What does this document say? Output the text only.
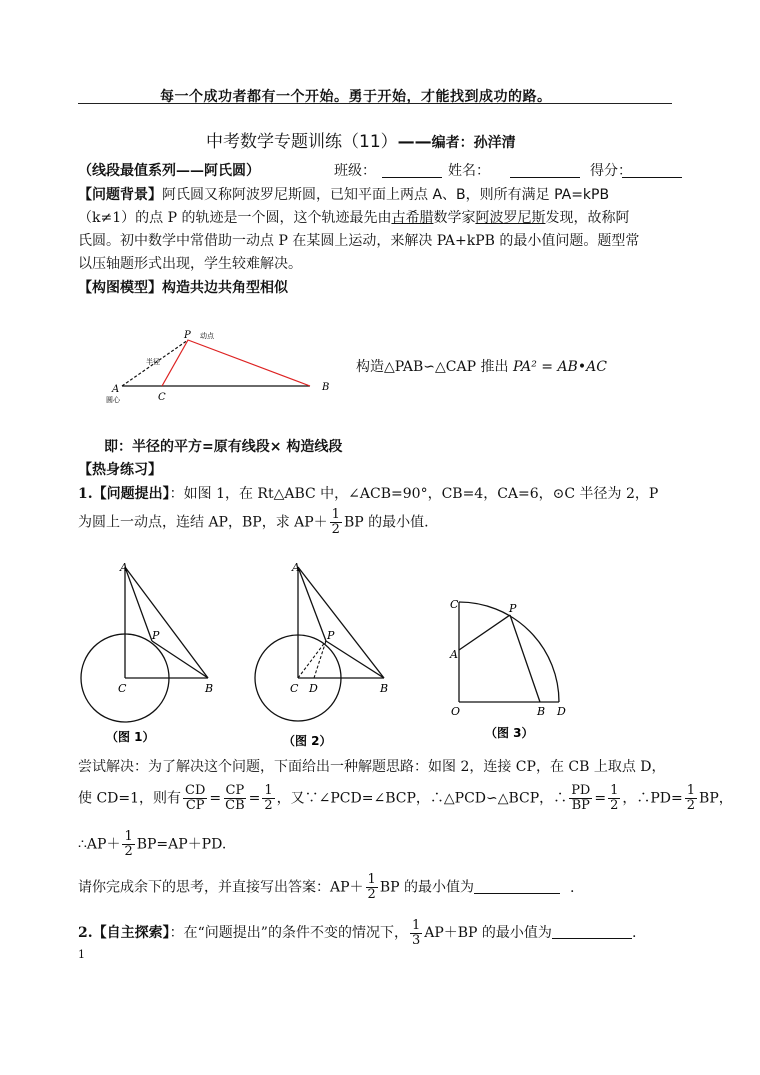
每一个成功者都有一个开始。勇于开始，才能找到成功的路。
中考数学专题训练（11）——编者：孙洋清
（线段最值系列——阿氏圆）	班级：	姓名：	得分：
【问题背景】阿氏圆又称阿波罗尼斯圆，已知平面上两点 A、B，则所有满足 PA=kPB
（k≠1）的点 P 的轨迹是一个圆，这个轨迹最先由古希腊数学家阿波罗尼斯发现，故称阿
氏圆。初中数学中常借助一动点 P 在某圆上运动，来解决 PA+kPB 的最小值问题。题型常
以压轴题形式出现，学生较难解决。
【构图模型】构造共边共角型相似
P 动点
半径
A
圆心	C
B
构造△PAB∽△CAP 推出 PA² = AB•AC
即：半径的平方=原有线段× 构造线段
【热身练习】
1.【问题提出】：如图 1，在 Rt△ABC 中，∠ACB=90°，CB=4，CA=6，⊙C 半径为 2，P
为圆上一动点，连结 AP，BP，求 $AP+ \frac{1}{2}$ BP 的最小值.
A
C	B
P
（图 1）
A
C D	B
P
（图 2）
C
A
O	B D
P
（图 3）
尝试解决：为了解决这个问题，下面给出一种解题思路：如图 2，连接 CP，在 CB 上取点 D，
使 CD=1，则有 $\frac{CD}{CP} = \frac{CP}{CB} = \frac{1}{2}$ ，又∵∠PCD=∠BCP，∴△PCD∽△BCP，∴ $\frac{PD}{BP} = \frac{1}{2}$ ，∴PD= $\frac{1}{2}$ BP，
∴AP＋ $\frac{1}{2} BP=AP+PD$.
请你完成余下的思考，并直接写出答案：$AP+ \frac{1}{2}$ BP 的最小值为	.
2.【自主探索】：在“问题提出”的条件不变的情况下， $\frac{1}{3} AP+BP$ 的最小值为	.
1
